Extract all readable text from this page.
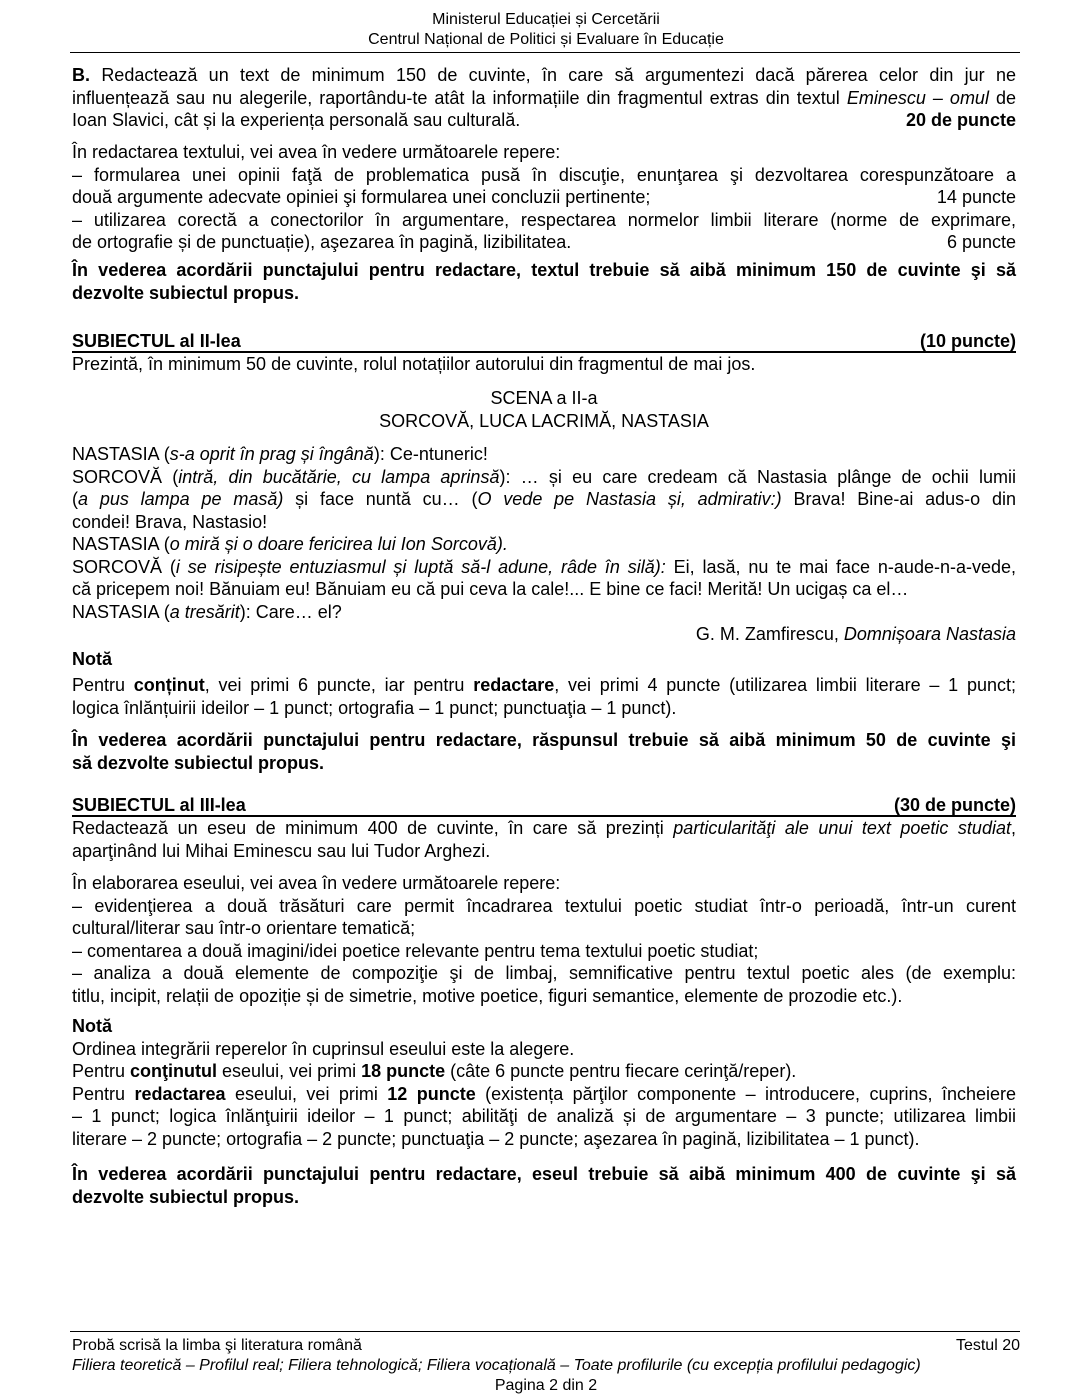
Ministerul Educației și Cercetării
Centrul Național de Politici și Evaluare în Educație
B. Redactează un text de minimum 150 de cuvinte, în care să argumentezi dacă părerea celor din jur ne
influențează sau nu alegerile, raportându-te atât la informațiile din fragmentul extras din textul Eminescu – omul de
Ioan Slavici, cât și la experiența personală sau culturală.	20 de puncte
În redactarea textului, vei avea în vedere următoarele repere:
– formularea unei opinii faţă de problematica pusă în discuţie, enunţarea şi dezvoltarea corespunzătoare a
două argumente adecvate opiniei şi formularea unei concluzii pertinente;	14 puncte
– utilizarea corectă a conectorilor în argumentare, respectarea normelor limbii literare (norme de exprimare,
de ortografie și de punctuație), aşezarea în pagină, lizibilitatea.	6 puncte
În vederea acordării punctajului pentru redactare, textul trebuie să aibă minimum 150 de cuvinte şi să
dezvolte subiectul propus.
SUBIECTUL al II-lea	(10 puncte)
Prezintă, în minimum 50 de cuvinte, rolul notațiilor autorului din fragmentul de mai jos.
SCENA a II-a
SORCOVĂ, LUCA LACRIMĂ, NASTASIA
NASTASIA (s-a oprit în prag și îngână): Ce-ntuneric!
SORCOVĂ (intră, din bucătărie, cu lampa aprinsă): … și eu care credeam că Nastasia plânge de ochii lumii
(a pus lampa pe masă) și face nuntă cu… (O vede pe Nastasia și, admirativ:) Brava! Bine-ai adus-o din
condei! Brava, Nastasio!
NASTASIA (o miră și o doare fericirea lui Ion Sorcovă).
SORCOVĂ (i se risipește entuziasmul și luptă să-l adune, râde în silă): Ei, lasă, nu te mai face n-aude-n-a-vede,
că pricepem noi! Bănuiam eu! Bănuiam eu că pui ceva la cale!... E bine ce faci! Merită! Un ucigaș ca el…
NASTASIA (a tresărit): Care… el?
G. M. Zamfirescu, Domnișoara Nastasia
Notă
Pentru conținut, vei primi 6 puncte, iar pentru redactare, vei primi 4 puncte (utilizarea limbii literare – 1 punct;
logica înlănțuirii ideilor – 1 punct; ortografia – 1 punct; punctuaţia – 1 punct).
În vederea acordării punctajului pentru redactare, răspunsul trebuie să aibă minimum 50 de cuvinte şi
să dezvolte subiectul propus.
SUBIECTUL al III-lea	(30 de puncte)
Redactează un eseu de minimum 400 de cuvinte, în care să prezinți particularităţi ale unui text poetic studiat,
aparţinând lui Mihai Eminescu sau lui Tudor Arghezi.
În elaborarea eseului, vei avea în vedere următoarele repere:
– evidenţierea a două trăsături care permit încadrarea textului poetic studiat într-o perioadă, într-un curent
cultural/literar sau într-o orientare tematică;
– comentarea a două imagini/idei poetice relevante pentru tema textului poetic studiat;
– analiza a două elemente de compoziţie şi de limbaj, semnificative pentru textul poetic ales (de exemplu:
titlu, incipit, relații de opoziție și de simetrie, motive poetice, figuri semantice, elemente de prozodie etc.).
Notă
Ordinea integrării reperelor în cuprinsul eseului este la alegere.
Pentru conţinutul eseului, vei primi 18 puncte (câte 6 puncte pentru fiecare cerinţă/reper).
Pentru redactarea eseului, vei primi 12 puncte (existența părţilor componente – introducere, cuprins, încheiere
– 1 punct; logica înlănţuirii ideilor – 1 punct; abilităţi de analiză și de argumentare – 3 puncte; utilizarea limbii
literare – 2 puncte; ortografia – 2 puncte; punctuaţia – 2 puncte; aşezarea în pagină, lizibilitatea – 1 punct).
În vederea acordării punctajului pentru redactare, eseul trebuie să aibă minimum 400 de cuvinte şi să
dezvolte subiectul propus.
Probă scrisă la limba şi literatura română	Testul 20
Filiera teoretică – Profilul real; Filiera tehnologică; Filiera vocațională – Toate profilurile (cu excepția profilului pedagogic)
Pagina 2 din 2
